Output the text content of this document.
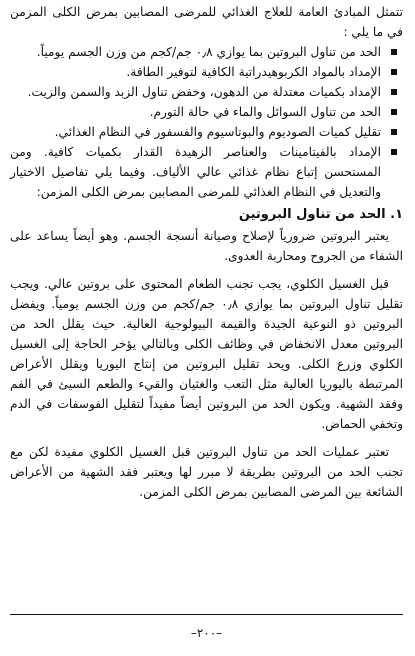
تتمثل المبادئ العامة للعلاج الغذائي للمرضى المصابين بمرض الكلى المزمن في ما يلي :

الحد من تناول البروتين بما يوازي ٠٫٨ جم/كجم من وزن الجسم يومياً.
الإمداد بالمواد الكربوهيدراتية الكافية لتوفير الطاقة.
الإمداد بكميات معتدلة من الدهون، وخفض تناول الزبد والسمن والزيت.
الحد من تناول السوائل والماء في حالة التورم.
تقليل كميات الصوديوم والبوتاسيوم والفسفور في النظام الغذائي.
الإمداد بالفيتامينات والعناصر الزهيدة القدار بكميات كافية. ومن المستحسن إتباع نظام غذائي عالي الألياف. وفيما يلي تفاصيل الاختيار والتعديل في النظام الغذائي للمرضى المصابين بمرض الكلى المزمن:
١. الحد من تناول البروتين

يعتبر البروتين ضرورياً لإصلاح وصيانة أنسجة الجسم. وهو أيضاً يساعد على الشفاء من الجروح ومحاربة العدوى.

قبل الغسيل الكلوي، يجب تجنب الطعام المحتوى على بروتين عالي. ويجب تقليل تناول البروتين بما يوازي ٠٫٨ جم/كجم من وزن الجسم يومياً. ويفضل البروتين ذو النوعية الجيدة والقيمة البيولوجية العالية. حيث يقلل الحد من البروتين معدل الانخفاض في وظائف الكلى وبالتالي يؤخر الحاجة إلى الغسيل الكلوي وزرع الكلى. ويحد تقليل البروتين من إنتاج اليوريا ويقلل الأعراض المرتبطة باليوريا العالية مثل التعب والغثيان والقيء والطعم السيئ في الفم وفقد الشهية. ويكون الحد من البروتين أيضاً مفيداً لتقليل الفوسفات في الدم وتخفي الحماض.

تعتبر عمليات الحد من تناول البروتين قبل الغسيل الكلوي مفيدة لكن مع تجنب الحد من البروتين بطريقة لا مبرر لها ويعتبر فقد الشهية من الأعراض الشائعة بين المرضى المصابين بمرض الكلى المزمن.

–٢٠٠–
